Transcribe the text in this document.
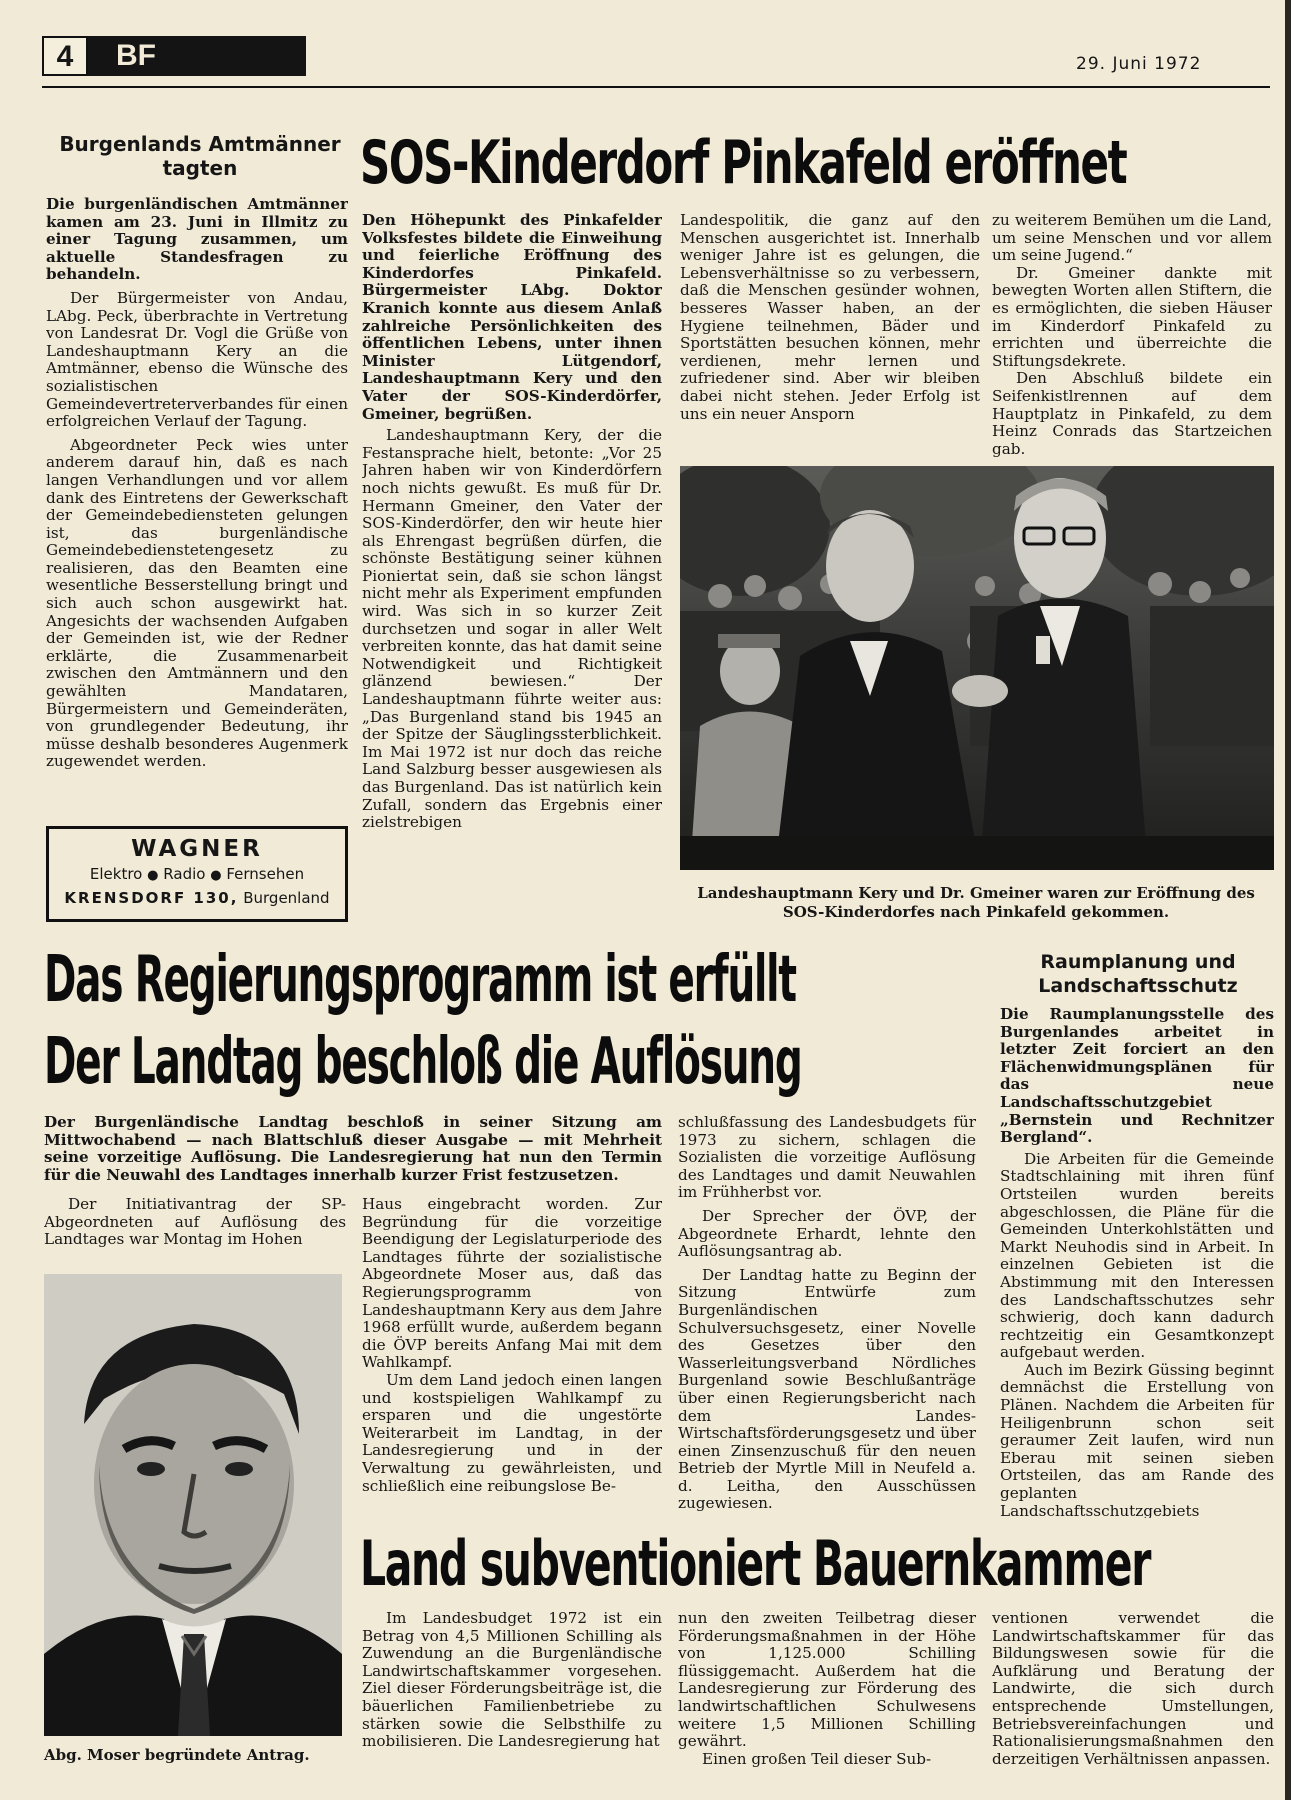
4	BF	29. Juni 1972
Burgenlands Amtmänner tagten

Die burgenländischen Amtmänner kamen am 23. Juni in Illmitz zu einer Tagung zusammen, um aktuelle Standesfragen zu behandeln.

Der Bürgermeister von Andau, LAbg. Peck, überbrachte in Vertretung von Landesrat Dr. Vogl die Grüße von Landeshauptmann Kery an die Amtmänner, ebenso die Wünsche des sozialistischen Gemeindevertreterverbandes für einen erfolgreichen Verlauf der Tagung.

Abgeordneter Peck wies unter anderem darauf hin, daß es nach langen Verhandlungen und vor allem dank des Eintretens der Gewerkschaft der Gemeindebediensteten gelungen ist, das burgenländische Gemeindebedienstetengesetz zu realisieren, das den Beamten eine wesentliche Besserstellung bringt und sich auch schon ausgewirkt hat. Angesichts der wachsenden Aufgaben der Gemeinden ist, wie der Redner erklärte, die Zusammenarbeit zwischen den Amtmännern und den gewählten Mandataren, Bürgermeistern und Gemeinderäten, von grundlegender Bedeutung, ihr müsse deshalb besonderes Augenmerk zugewendet werden.

WAGNER
Elektro ● Radio ● Fernsehen
KRENSDORF 130, Burgenland
SOS-Kinderdorf Pinkafeld eröffnet

Den Höhepunkt des Pinkafelder Volksfestes bildete die Einweihung und feierliche Eröffnung des Kinderdorfes Pinkafeld. Bürgermeister LAbg. Doktor Kranich konnte aus diesem Anlaß zahlreiche Persönlichkeiten des öffentlichen Lebens, unter ihnen Minister Lütgendorf, Landeshauptmann Kery und den Vater der SOS-Kinderdörfer, Gmeiner, begrüßen.

Landeshauptmann Kery, der die Festansprache hielt, betonte: „Vor 25 Jahren haben wir von Kinderdörfern noch nichts gewußt. Es muß für Dr. Hermann Gmeiner, den Vater der SOS-Kinderdörfer, den wir heute hier als Ehrengast begrüßen dürfen, die schönste Bestätigung seiner kühnen Pioniertat sein, daß sie schon längst nicht mehr als Experiment empfunden wird. Was sich in so kurzer Zeit durchsetzen und sogar in aller Welt verbreiten konnte, das hat damit seine Notwendigkeit und Richtigkeit glänzend bewiesen.“ Der Landeshauptmann führte weiter aus: „Das Burgenland stand bis 1945 an der Spitze der Säuglingssterblichkeit. Im Mai 1972 ist nur doch das reiche Land Salzburg besser ausgewiesen als das Burgenland. Das ist natürlich kein Zufall, sondern das Ergebnis einer zielstrebigen

Landespolitik, die ganz auf den Menschen ausgerichtet ist. Innerhalb weniger Jahre ist es gelungen, die Lebensverhältnisse so zu verbessern, daß die Menschen gesünder wohnen, besseres Wasser haben, an der Hygiene teilnehmen, Bäder und Sportstätten besuchen können, mehr verdienen, mehr lernen und zufriedener sind. Aber wir bleiben dabei nicht stehen. Jeder Erfolg ist uns ein neuer Ansporn

zu weiterem Bemühen um die Land, um seine Menschen und vor allem um seine Jugend.“

Dr. Gmeiner dankte mit bewegten Worten allen Stiftern, die es ermöglichten, die sieben Häuser im Kinderdorf Pinkafeld zu errichten und überreichte die Stiftungsdekrete.

Den Abschluß bildete ein Seifenkistlrennen auf dem Hauptplatz in Pinkafeld, zu dem Heinz Conrads das Startzeichen gab.

Landeshauptmann Kery und Dr. Gmeiner waren zur Eröffnung des SOS-Kinderdorfes nach Pinkafeld gekommen.
Das Regierungsprogramm ist erfüllt
Der Landtag beschloß die Auflösung

Der Burgenländische Landtag beschloß in seiner Sitzung am Mittwochabend — nach Blattschluß dieser Ausgabe — mit Mehrheit seine vorzeitige Auflösung. Die Landesregierung hat nun den Termin für die Neuwahl des Landtages innerhalb kurzer Frist festzusetzen.

Der Initiativantrag der SP-Abgeordneten auf Auflösung des Landtages war Montag im Hohen

Abg. Moser begründete Antrag.

Haus eingebracht worden. Zur Begründung für die vorzeitige Beendigung der Legislaturperiode des Landtages führte der sozialistische Abgeordnete Moser aus, daß das Regierungsprogramm von Landeshauptmann Kery aus dem Jahre 1968 erfüllt wurde, außerdem begann die ÖVP bereits Anfang Mai mit dem Wahlkampf.

Um dem Land jedoch einen langen und kostspieligen Wahlkampf zu ersparen und die ungestörte Weiterarbeit im Landtag, in der Landesregierung und in der Verwaltung zu gewährleisten, und schließlich eine reibungslose Be-

schlußfassung des Landesbudgets für 1973 zu sichern, schlagen die Sozialisten die vorzeitige Auflösung des Landtages und damit Neuwahlen im Frühherbst vor.

Der Sprecher der ÖVP, der Abgeordnete Erhardt, lehnte den Auflösungsantrag ab.

Der Landtag hatte zu Beginn der Sitzung Entwürfe zum Burgenländischen Schulversuchsgesetz, einer Novelle des Gesetzes über den Wasserleitungsverband Nördliches Burgenland sowie Beschlußanträge über einen Regierungsbericht nach dem Landes-Wirtschaftsförderungsgesetz und über einen Zinsenzuschuß für den neuen Betrieb der Myrtle Mill in Neufeld a. d. Leitha, den Ausschüssen zugewiesen.

Raumplanung und Landschaftsschutz

Die Raumplanungsstelle des Burgenlandes arbeitet in letzter Zeit forciert an den Flächenwidmungsplänen für das neue Landschaftsschutzgebiet „Bernstein und Rechnitzer Bergland“.

Die Arbeiten für die Gemeinde Stadtschlaining mit ihren fünf Ortsteilen wurden bereits abgeschlossen, die Pläne für die Gemeinden Unterkohlstätten und Markt Neuhodis sind in Arbeit. In einzelnen Gebieten ist die Abstimmung mit den Interessen des Landschaftsschutzes sehr schwierig, doch kann dadurch rechtzeitig ein Gesamtkonzept aufgebaut werden.

Auch im Bezirk Güssing beginnt demnächst die Erstellung von Plänen. Nachdem die Arbeiten für Heiligenbrunn schon seit geraumer Zeit laufen, wird nun Eberau mit seinen sieben Ortsteilen, das am Rande des geplanten Landschaftsschutzgebiets

Land subventioniert Bauernkammer

Im Landesbudget 1972 ist ein Betrag von 4,5 Millionen Schilling als Zuwendung an die Burgenländische Landwirtschaftskammer vorgesehen. Ziel dieser Förderungsbeiträge ist, die bäuerlichen Familienbetriebe zu stärken sowie die Selbsthilfe zu mobilisieren. Die Landesregierung hat

nun den zweiten Teilbetrag dieser Förderungsmaßnahmen in der Höhe von 1,125.000 Schilling flüssiggemacht. Außerdem hat die Landesregierung zur Förderung des landwirtschaftlichen Schulwesens weitere 1,5 Millionen Schilling gewährt.

Einen großen Teil dieser Sub-

ventionen verwendet die Landwirtschaftskammer für das Bildungswesen sowie für die Aufklärung und Beratung der Landwirte, die sich durch entsprechende Umstellungen, Betriebsvereinfachungen und Rationalisierungsmaßnahmen den derzeitigen Verhältnissen anpassen.
